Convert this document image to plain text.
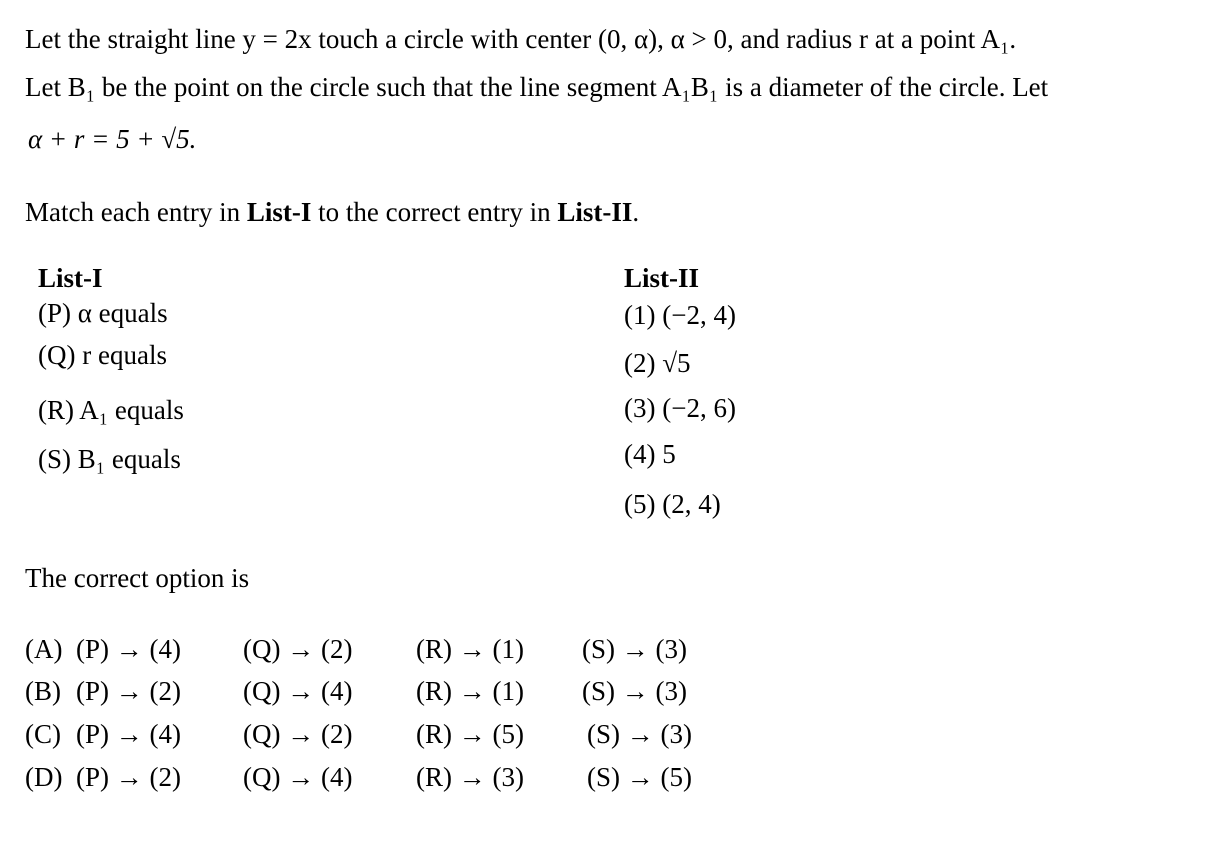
Let the straight line y = 2x touch a circle with center (0, α), α > 0, and radius r at a point A₁.
Let B₁ be the point on the circle such that the line segment A₁B₁ is a diameter of the circle. Let
α + r = 5 + √5.
Match each entry in List-I to the correct entry in List-II.
List-I
(P) α equals
(Q) r equals
(R) A₁ equals
(S) B₁ equals
List-II
(1) (−2, 4)
(2) √5
(3) (−2, 6)
(4) 5
(5) (2, 4)
The correct option is
(A) (P) → (4) (Q) → (2) (R) → (1) (S) → (3)
(B) (P) → (2) (Q) → (4) (R) → (1) (S) → (3)
(C) (P) → (4) (Q) → (2) (R) → (5) (S) → (3)
(D) (P) → (2) (Q) → (4) (R) → (3) (S) → (5)
